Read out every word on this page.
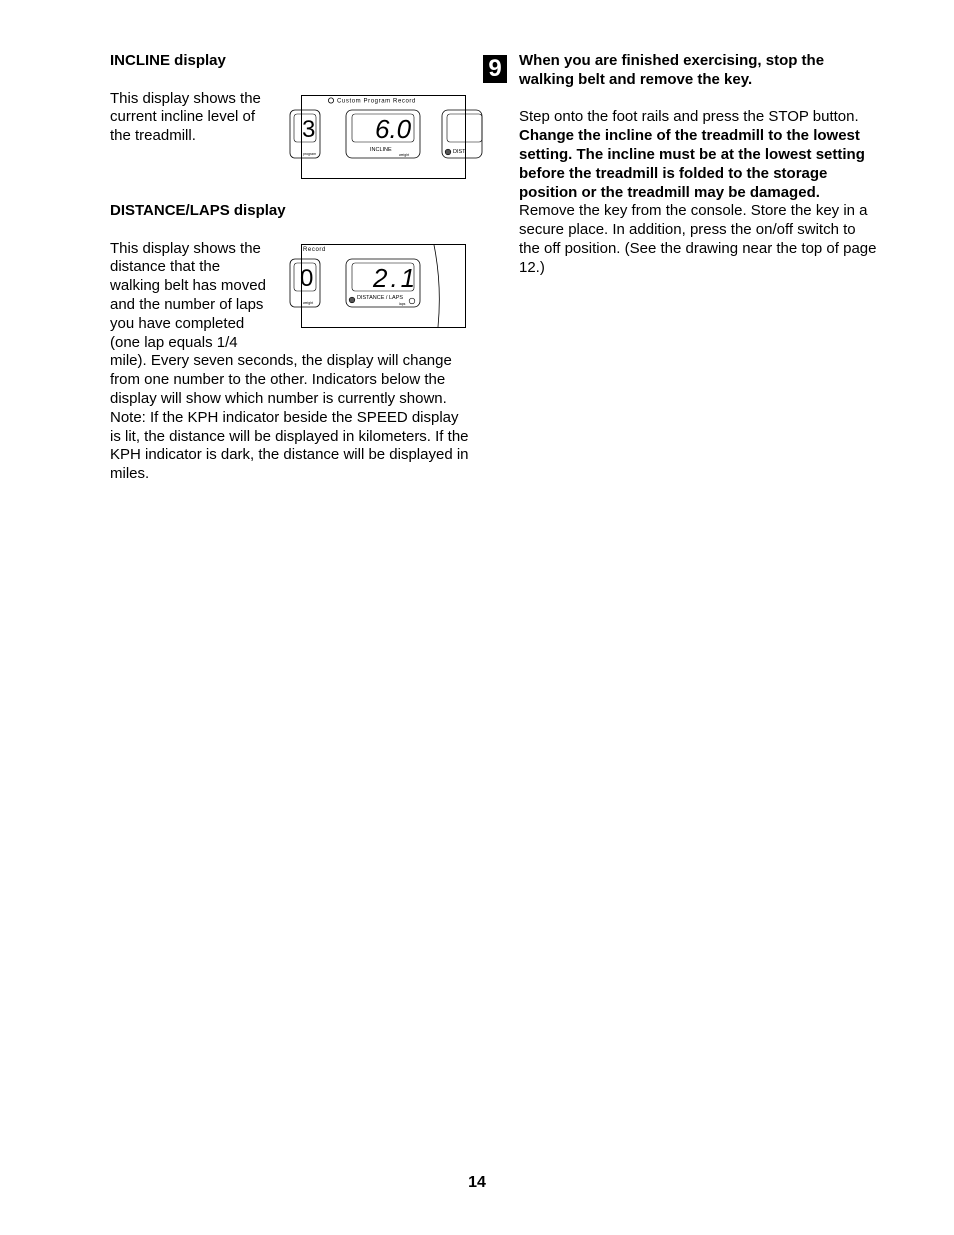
INCLINE display

This display shows the current incline level of the treadmill.

DISTANCE/LAPS display
This display shows the
distance that the
walking belt has moved
and the number of laps
you have completed
(one lap equals 1/4

mile). Every seven seconds, the display will change from one number to the other. Indicators below the display will show which number is currently shown. Note: If the KPH indicator beside the SPEED display is lit, the distance will be displayed in kilometers. If the KPH indicator is dark, the distance will be displayed in miles.

Custom Program Record
3
program
6.0
INCLINE
weight	DIST
Record
0
weight
2.1
DISTANCE / LAPS
laps
9	When you are finished exercising, stop the walking belt and remove the key.

Step onto the foot rails and press the STOP button.

Change the incline of the treadmill to the lowest setting. The incline must be at the lowest setting before the treadmill is folded to the storage position or the treadmill may be damaged.

Remove the key from the console. Store the key in a secure place. In addition, press the on/off switch to the off position. (See the drawing near the top of page 12.)

14
